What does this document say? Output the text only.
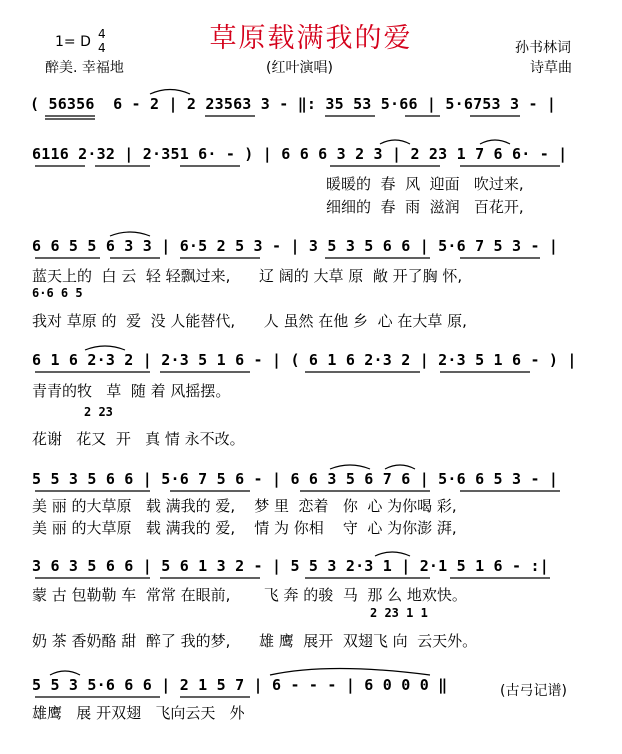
草原载满我的爱
1= D 4
4
醉美. 幸福地	(红叶演唱)
孙书林词
诗草曲
( 56356  6 - 2 | 2 23563 3 - ‖: 35 53 5·66 | 5·6753 3 - |
6116 2·32 | 2·351 6· - ) | 6 6 6 3 2 3 | 2 23 1 7 6 6· - |
暖暖的  春  风  迎面   吹过来,
细细的  春  雨  滋润   百花开,
6 6 5 5 6 3 3 | 6·5 2 5 3 - | 3 5 3 5 6 6 | 5·6 7 5 3 - |
蓝天上的  白 云  轻 轻飘过来,      辽 阔的 大草 原  敞 开了胸 怀,
6·6 6 5
我对 草原 的  爱  没 人能替代,      人 虽然 在他 乡  心 在大草 原,
6 1 6 2·3 2 | 2·3 5 1 6 - | ( 6 1 6 2·3 2 | 2·3 5 1 6 - ) |
青青的牧   草  随 着 风摇摆。
2 23
花谢   花又  开   真 情 永不改。
5 5 3 5 6 6 | 5·6 7 5 6 - | 6 6 3 5 6 7 6 | 5·6 6 5 3 - |
美 丽 的大草原   载 满我的 爱,    梦 里  恋着   你  心 为你喝 彩,
美 丽 的大草原   载 满我的 爱,    情 为 你相    守  心 为你澎 湃,
3 6 3 5 6 6 | 5 6 1 3 2 - | 5 5 3 2·3 1 | 2·1 5 1 6 - :|
蒙 古 包勒勒 车  常常 在眼前,       飞 奔 的骏  马  那 么 地欢快。
2 23 1 1
奶 茶 香奶酪 甜  醉了 我的梦,      雄 鹰  展开  双翅飞 向  云天外。
5 5 3 5·6 6 6 | 2 1 5 7 | 6 - - - | 6 0 0 0 ‖	(古弓记谱)
雄鹰   展 开双翅   飞向云天   外
